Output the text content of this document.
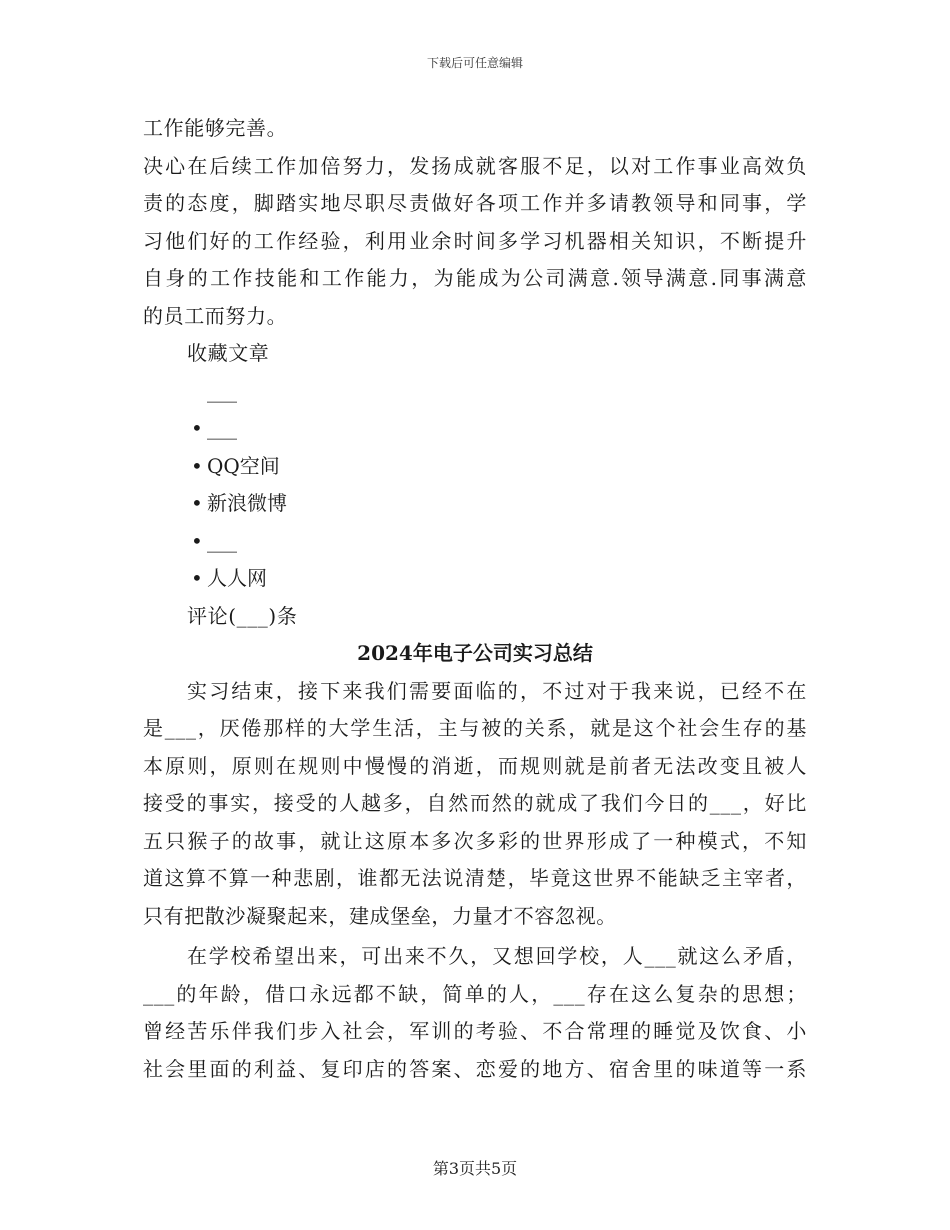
下载后可任意编辑
工作能够完善。
决心在后续工作加倍努力，发扬成就客服不足，以对工作事业高效负
责的态度，脚踏实地尽职尽责做好各项工作并多请教领导和同事，学
习他们好的工作经验，利用业余时间多学习机器相关知识，不断提升
自身的工作技能和工作能力，为能成为公司满意.领导满意.同事满意
的员工而努力。
收藏文章
___
• ___
• QQ空间
• 新浪微博
• ___
• 人人网
评论(___)条
2024年电子公司实习总结
实习结束，接下来我们需要面临的，不过对于我来说，已经不在
是___，厌倦那样的大学生活，主与被的关系，就是这个社会生存的基
本原则，原则在规则中慢慢的消逝，而规则就是前者无法改变且被人
接受的事实，接受的人越多，自然而然的就成了我们今日的___，好比
五只猴子的故事，就让这原本多次多彩的世界形成了一种模式，不知
道这算不算一种悲剧，谁都无法说清楚，毕竟这世界不能缺乏主宰者，
只有把散沙凝聚起来，建成堡垒，力量才不容忽视。
在学校希望出来，可出来不久，又想回学校，人___就这么矛盾，
___的年龄，借口永远都不缺，简单的人，___存在这么复杂的思想；
曾经苦乐伴我们步入社会，军训的考验、不合常理的睡觉及饮食、小
社会里面的利益、复印店的答案、恋爱的地方、宿舍里的味道等一系
第3页共5页
